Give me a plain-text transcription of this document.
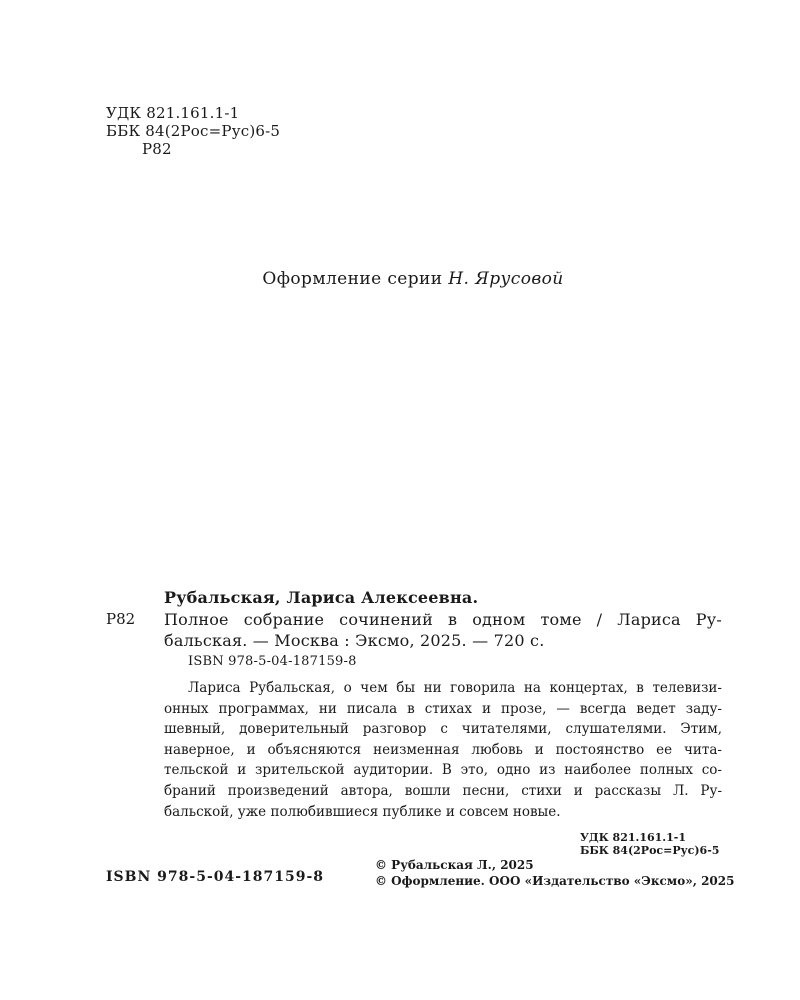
УДК 821.161.1-1
ББК 84(2Рос=Рус)6-5
Р82
Оформление серии Н. Ярусовой
Рубальская, Лариса Алексеевна.
Р82 Полное собрание сочинений в одном томе / Лариса Ру-
бальская. — Москва : Эксмо, 2025. — 720 с.
ISBN 978-5-04-187159-8
Лариса Рубальская, о чем бы ни говорила на концертах, в телевизи-
онных программах, ни писала в стихах и прозе, — всегда ведет заду-
шевный, доверительный разговор с читателями, слушателями. Этим,
наверное, и объясняются неизменная любовь и постоянство ее чита-
тельской и зрительской аудитории. В это, одно из наиболее полных со-
браний произведений автора, вошли песни, стихи и рассказы Л. Ру-
бальской, уже полюбившиеся публике и совсем новые.
УДК 821.161.1-1
ББК 84(2Рос=Рус)6-5
ISBN 978-5-04-187159-8
© Рубальская Л., 2025
© Оформление. ООО «Издательство «Эксмо», 2025
